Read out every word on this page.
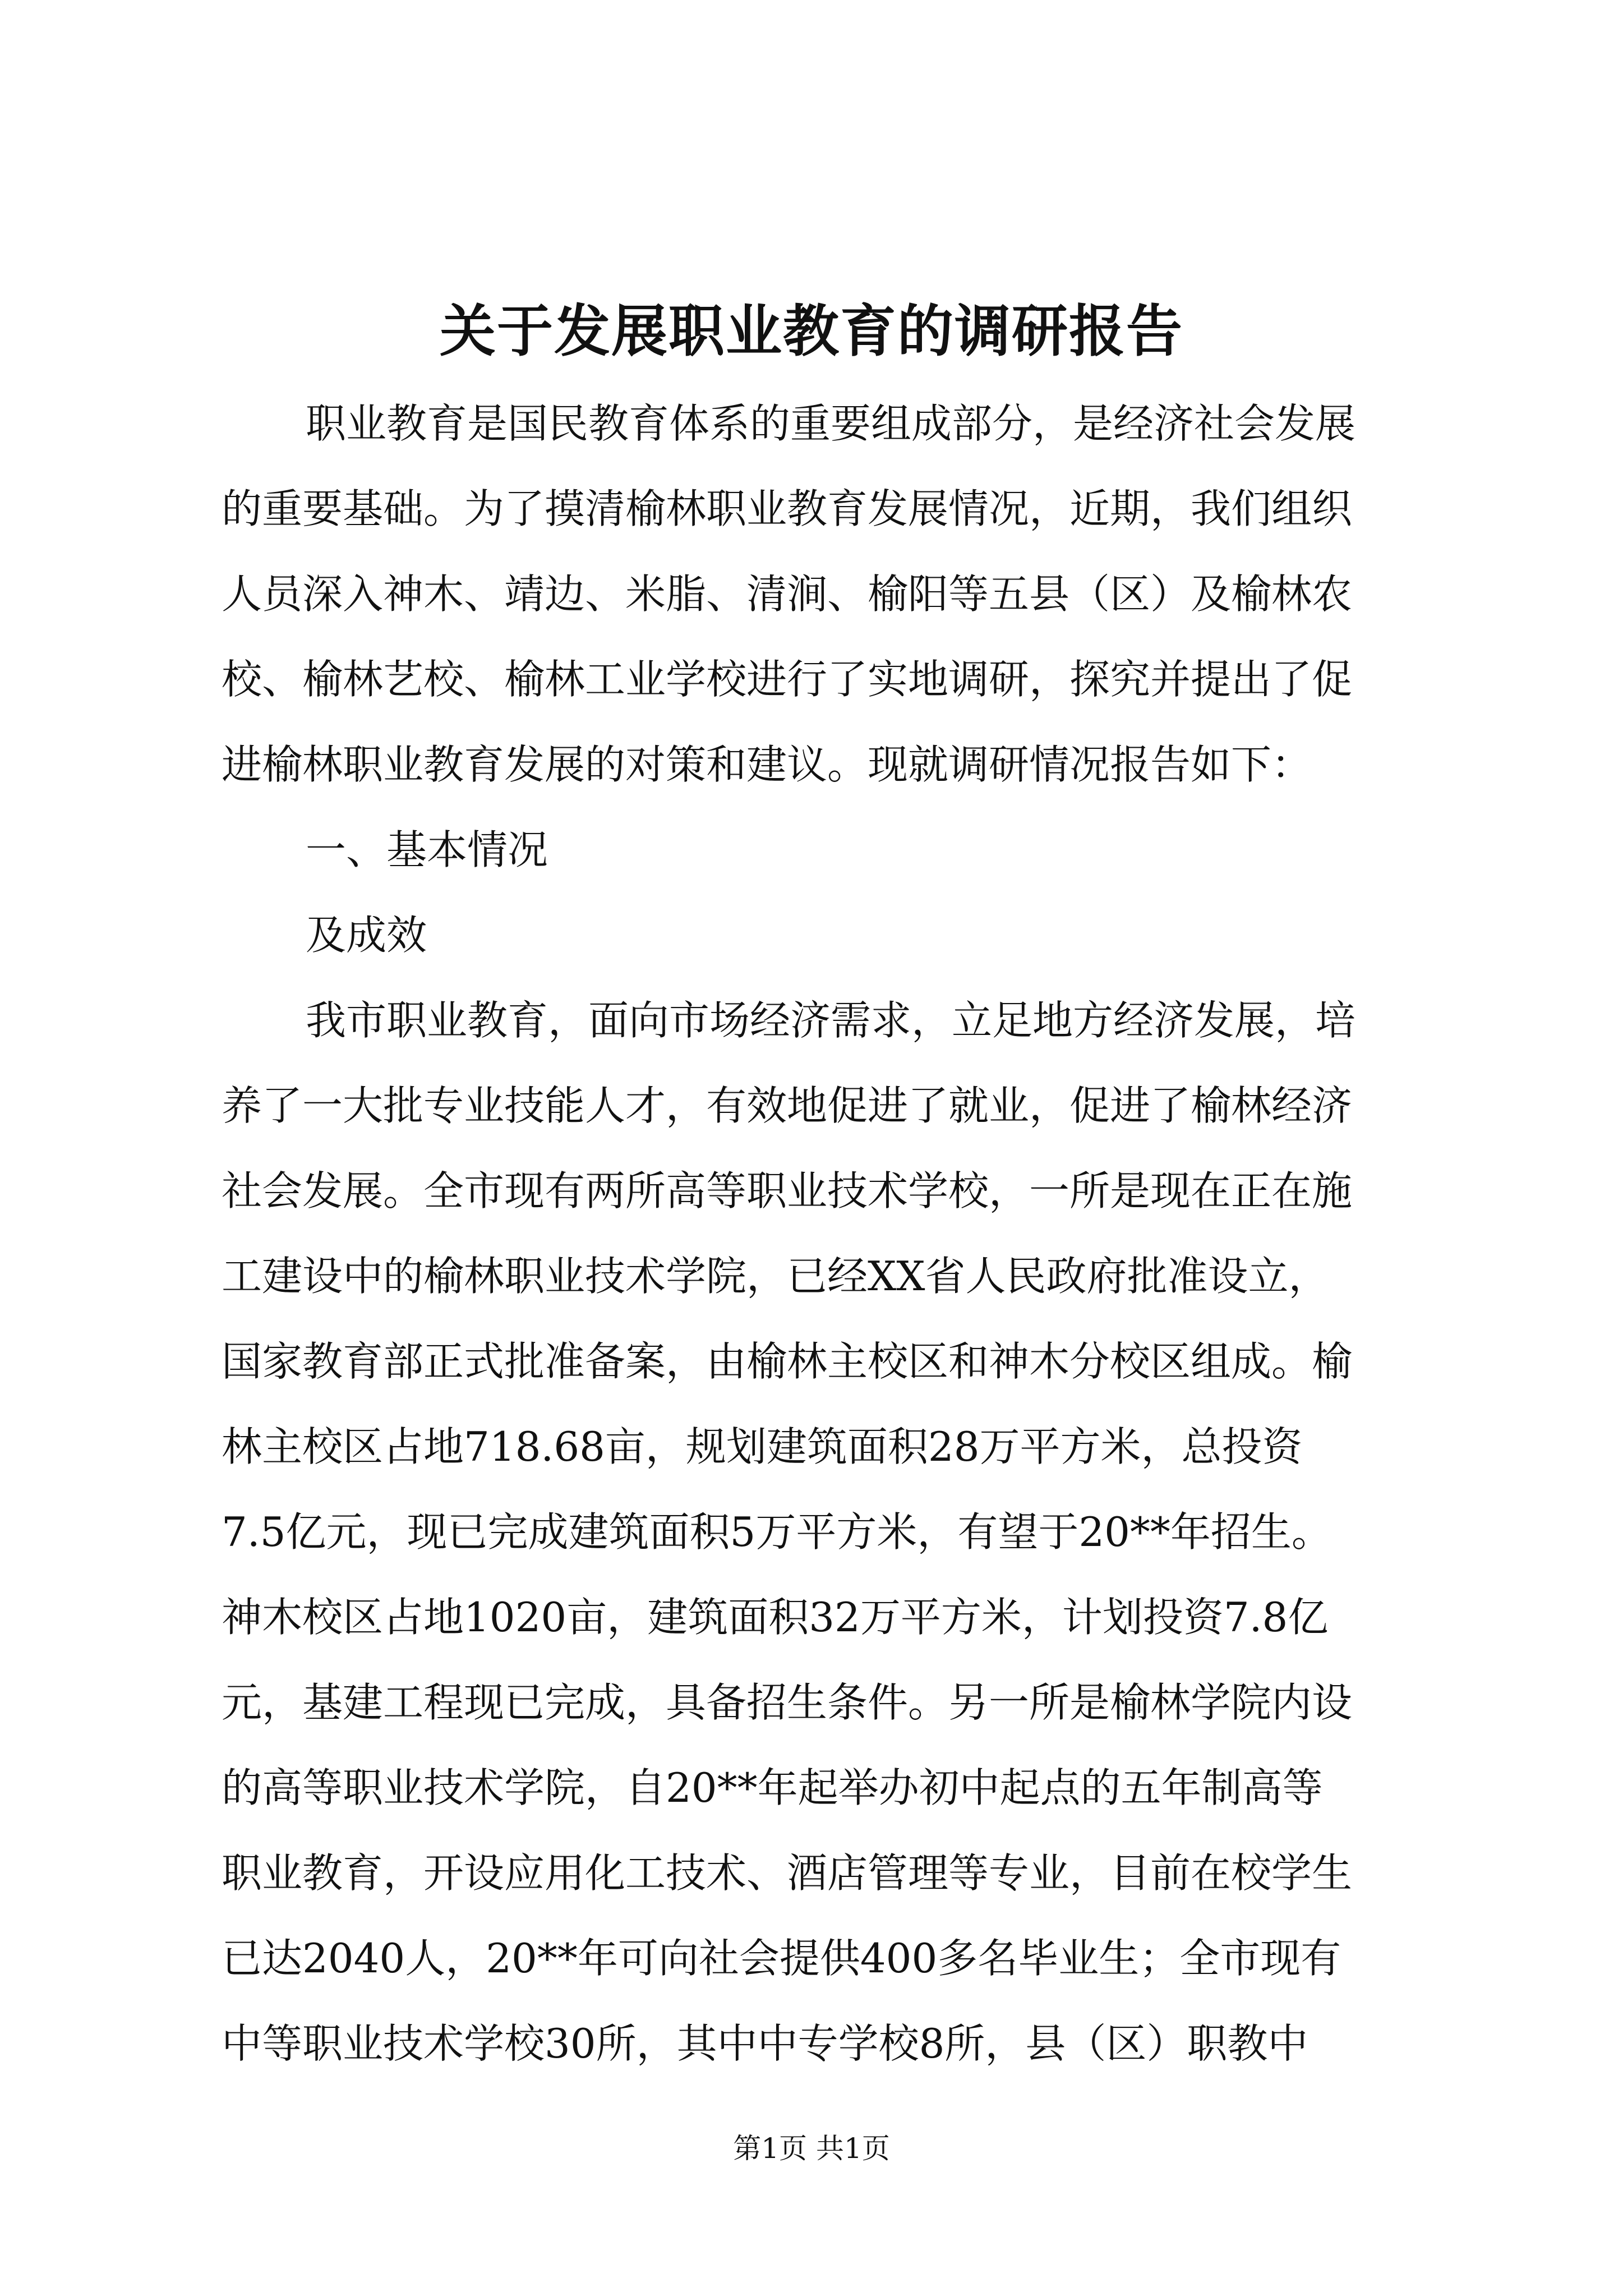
关于发展职业教育的调研报告
职业教育是国民教育体系的重要组成部分，是经济社会发展
的重要基础。为了摸清榆林职业教育发展情况，近期，我们组织
人员深入神木、靖边、米脂、清涧、榆阳等五县（区）及榆林农
校、榆林艺校、榆林工业学校进行了实地调研，探究并提出了促
进榆林职业教育发展的对策和建议。现就调研情况报告如下：
一、基本情况
及成效
我市职业教育，面向市场经济需求，立足地方经济发展，培
养了一大批专业技能人才，有效地促进了就业，促进了榆林经济
社会发展。全市现有两所高等职业技术学校，一所是现在正在施
工建设中的榆林职业技术学院，已经XX省人民政府批准设立，
国家教育部正式批准备案，由榆林主校区和神木分校区组成。榆
林主校区占地718.68亩，规划建筑面积28万平方米，总投资
7.5亿元，现已完成建筑面积5万平方米，有望于20**年招生。
神木校区占地1020亩，建筑面积32万平方米，计划投资7.8亿
元，基建工程现已完成，具备招生条件。另一所是榆林学院内设
的高等职业技术学院，自20**年起举办初中起点的五年制高等
职业教育，开设应用化工技术、酒店管理等专业，目前在校学生
已达2040人，20**年可向社会提供400多名毕业生；全市现有
中等职业技术学校30所，其中中专学校8所，县（区）职教中
第1页 共1页
